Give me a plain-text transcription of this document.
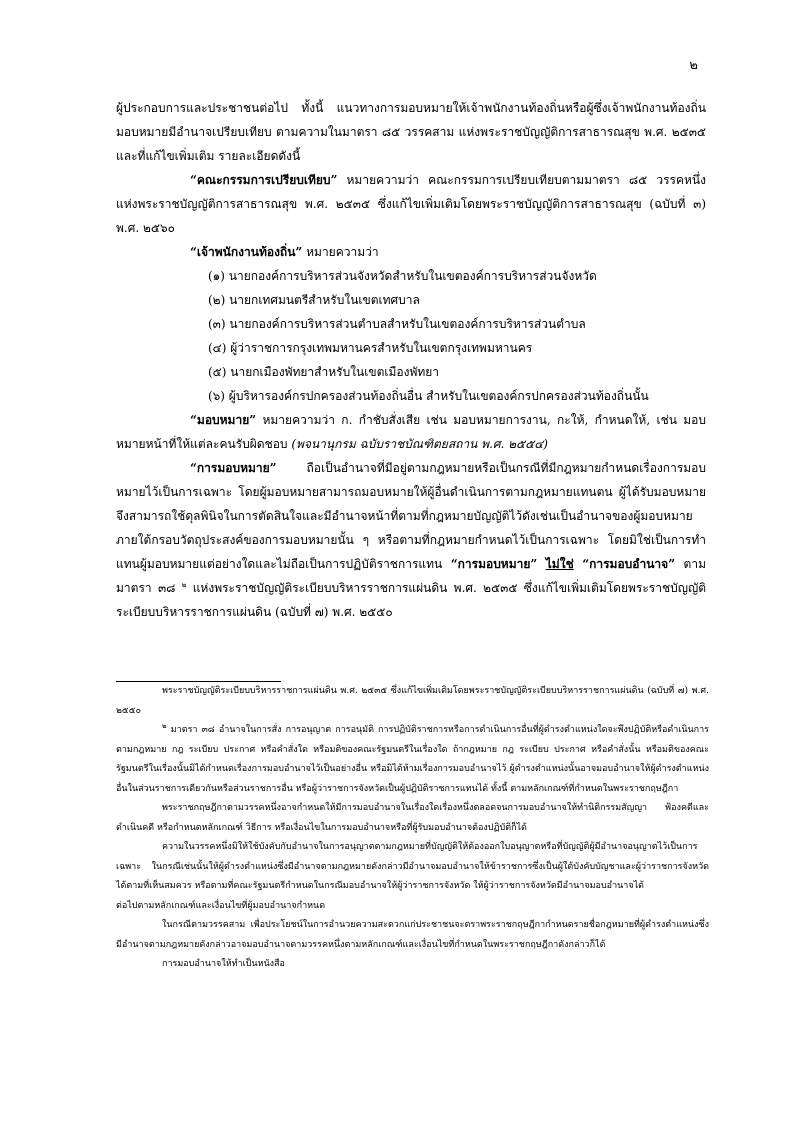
๒

ผู้ประกอบการและประชาชนต่อไป ทั้งนี้ แนวทางการมอบหมายให้เจ้าพนักงานท้องถิ่นหรือผู้ซึ่งเจ้าพนักงานท้องถิ่นมอบหมายมีอำนาจเปรียบเทียบ ตามความในมาตรา ๘๕ วรรคสาม แห่งพระราชบัญญัติการสาธารณสุข พ.ศ. ๒๕๓๕ และที่แก้ไขเพิ่มเติม รายละเอียดดังนี้

“คณะกรรมการเปรียบเทียบ” หมายความว่า คณะกรรมการเปรียบเทียบตามมาตรา ๘๕ วรรคหนึ่ง แห่งพระราชบัญญัติการสาธารณสุข พ.ศ. ๒๕๓๕ ซึ่งแก้ไขเพิ่มเติมโดยพระราชบัญญัติการสาธารณสุข (ฉบับที่ ๓) พ.ศ. ๒๕๖๐

“เจ้าพนักงานท้องถิ่น” หมายความว่า

(๑) นายกองค์การบริหารส่วนจังหวัดสำหรับในเขตองค์การบริหารส่วนจังหวัด

(๒) นายกเทศมนตรีสำหรับในเขตเทศบาล

(๓) นายกองค์การบริหารส่วนตำบลสำหรับในเขตองค์การบริหารส่วนตำบล

(๔) ผู้ว่าราชการกรุงเทพมหานครสำหรับในเขตกรุงเทพมหานคร

(๕) นายกเมืองพัทยาสำหรับในเขตเมืองพัทยา

(๖) ผู้บริหารองค์กรปกครองส่วนท้องถิ่นอื่น สำหรับในเขตองค์กรปกครองส่วนท้องถิ่นนั้น

“มอบหมาย” หมายความว่า ก. กำชับสั่งเสีย เช่น มอบหมายการงาน, กะให้, กำหนดให้, เช่น มอบหมายหน้าที่ให้แต่ละคนรับผิดชอบ (พจนานุกรม ฉบับราชบัณฑิตยสถาน พ.ศ. ๒๕๕๔)

“การมอบหมาย” ถือเป็นอำนาจที่มีอยู่ตามกฎหมายหรือเป็นกรณีที่มีกฎหมายกำหนดเรื่องการมอบหมายไว้เป็นการเฉพาะ โดยผู้มอบหมายสามารถมอบหมายให้ผู้อื่นดำเนินการตามกฎหมายแทนตน ผู้ได้รับมอบหมายจึงสามารถใช้ดุลพินิจในการตัดสินใจและมีอำนาจหน้าที่ตามที่กฎหมายบัญญัติไว้ดังเช่นเป็นอำนาจของผู้มอบหมายภายใต้กรอบวัตถุประสงค์ของการมอบหมายนั้น ๆ หรือตามที่กฎหมายกำหนดไว้เป็นการเฉพาะ โดยมิใช่เป็นการทำแทนผู้มอบหมายแต่อย่างใดและไม่ถือเป็นการปฏิบัติราชการแทน “การมอบหมาย” ไม่ใช่ “การมอบอำนาจ” ตามมาตรา ๓๘ $^๒$ แห่งพระราชบัญญัติระเบียบบริหารราชการแผ่นดิน พ.ศ. ๒๕๓๕ ซึ่งแก้ไขเพิ่มเติมโดยพระราชบัญญัติระเบียบบริหารราชการแผ่นดิน (ฉบับที่ ๗) พ.ศ. ๒๕๕๐

พระราชบัญญัติระเบียบบริหารราชการแผ่นดิน พ.ศ. ๒๕๓๕ ซึ่งแก้ไขเพิ่มเติมโดยพระราชบัญญัติระเบียบบริหารราชการแผ่นดิน (ฉบับที่ ๗) พ.ศ. ๒๕๕๐

$^๒$ มาตรา ๓๘ อำนาจในการสั่ง การอนุญาต การอนุมัติ การปฏิบัติราชการหรือการดำเนินการอื่นที่ผู้ดำรงตำแหน่งใดจะพึงปฏิบัติหรือดำเนินการตามกฎหมาย กฎ ระเบียบ ประกาศ หรือคำสั่งใด หรือมติของคณะรัฐมนตรีในเรื่องใด ถ้ากฎหมาย กฎ ระเบียบ ประกาศ หรือคำสั่งนั้น หรือมติของคณะรัฐมนตรีในเรื่องนั้นมิได้กำหนดเรื่องการมอบอำนาจไว้เป็นอย่างอื่น หรือมิได้ห้ามเรื่องการมอบอำนาจไว้ ผู้ดำรงตำแหน่งนั้นอาจมอบอำนาจให้ผู้ดำรงตำแหน่งอื่นในส่วนราชการเดียวกันหรือส่วนราชการอื่น หรือผู้ว่าราชการจังหวัดเป็นผู้ปฏิบัติราชการแทนได้ ทั้งนี้ ตามหลักเกณฑ์ที่กำหนดในพระราชกฤษฎีกา

พระราชกฤษฎีกาตามวรรคหนึ่งอาจกำหนดให้มีการมอบอำนาจในเรื่องใดเรื่องหนึ่งตลอดจนการมอบอำนาจให้ทำนิติกรรมสัญญา ฟ้องคดีและดำเนินคดี หรือกำหนดหลักเกณฑ์ วิธีการ หรือเงื่อนไขในการมอบอำนาจหรือที่ผู้รับมอบอำนาจต้องปฏิบัติก็ได้

ความในวรรคหนึ่งมิให้ใช้บังคับกับอำนาจในการอนุญาตตามกฎหมายที่บัญญัติให้ต้องออกใบอนุญาตหรือที่บัญญัติผู้มีอำนาจอนุญาตไว้เป็นการเฉพาะ ในกรณีเช่นนั้นให้ผู้ดำรงตำแหน่งซึ่งมีอำนาจตามกฎหมายดังกล่าวมีอำนาจมอบอำนาจให้ข้าราชการซึ่งเป็นผู้ใต้บังคับบัญชาและผู้ว่าราชการจังหวัดได้ตามที่เห็นสมควร หรือตามที่คณะรัฐมนตรีกำหนดในกรณีมอบอำนาจให้ผู้ว่าราชการจังหวัด ให้ผู้ว่าราชการจังหวัดมีอำนาจมอบอำนาจได้

ต่อไปตามหลักเกณฑ์และเงื่อนไขที่ผู้มอบอำนาจกำหนด

ในกรณีตามวรรคสาม เพื่อประโยชน์ในการอำนวยความสะดวกแก่ประชาชนจะตราพระราชกฤษฎีกากำหนดรายชื่อกฎหมายที่ผู้ดำรงตำแหน่งซึ่งมีอำนาจตามกฎหมายดังกล่าวอาจมอบอำนาจตามวรรคหนึ่งตามหลักเกณฑ์และเงื่อนไขที่กำหนดในพระราชกฤษฎีกาดังกล่าวก็ได้

การมอบอำนาจให้ทำเป็นหนังสือ
